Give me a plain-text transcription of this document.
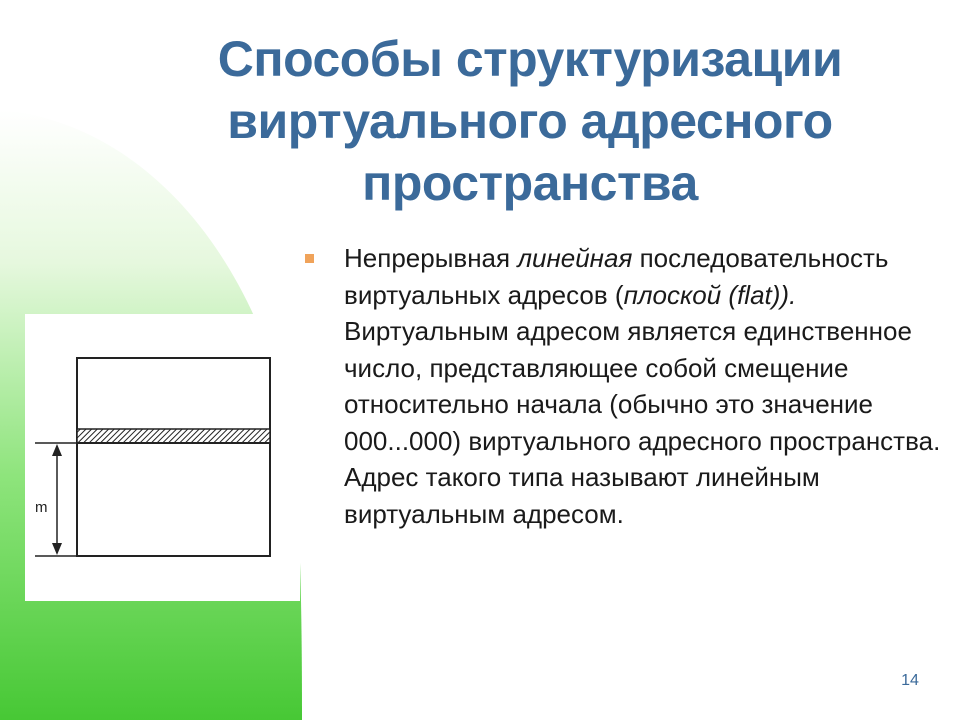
Способы структуризации
виртуального адресного
пространства
m
Непрерывная линейная последовательность виртуальных адресов (плоской (flat)). Виртуальным адресом является единственное число, представляющее собой смещение относительно начала (обычно это значение 000...000) виртуального адресного пространства. Адрес такого типа называют линейным виртуальным адресом.
14
